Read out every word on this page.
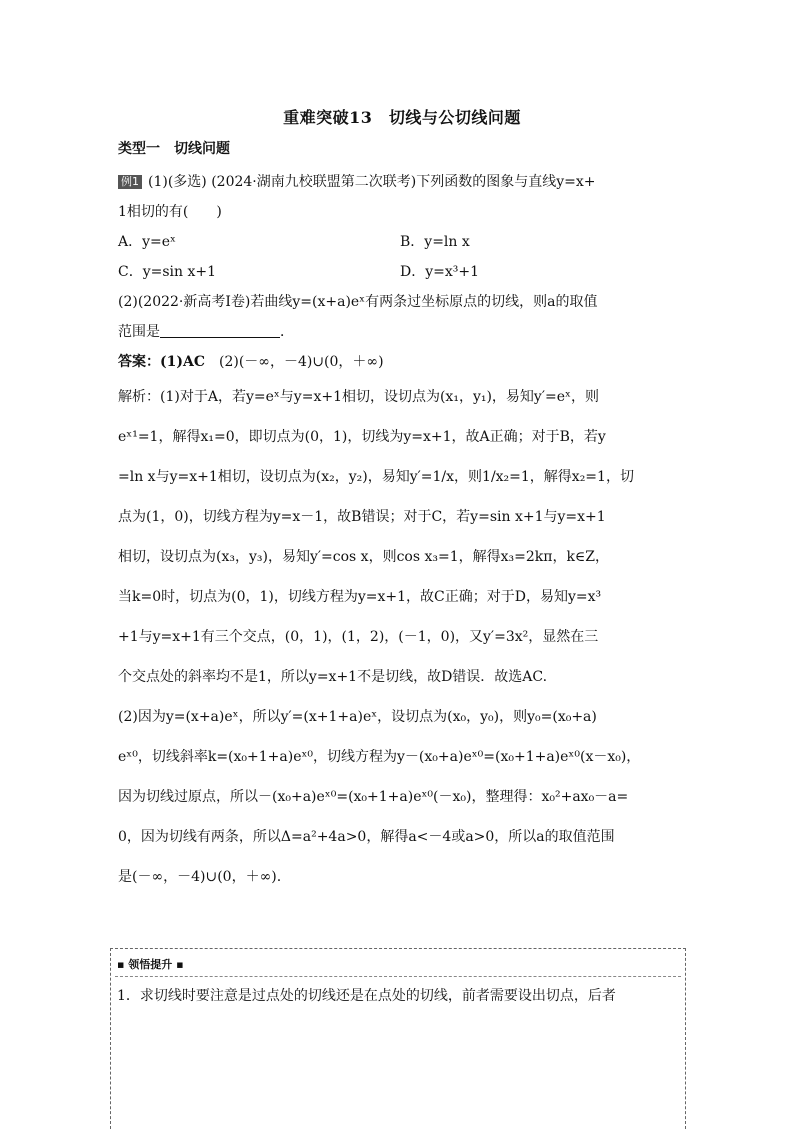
重难突破13　切线与公切线问题
类型一　切线问题

例1 (1)(多选) (2024·湖南九校联盟第二次联考)下列函数的图象与直线y=x+

1相切的有(　　)

A．y=eˣ	B．y=ln x
C．y=sin x+1	D．y=x³+1

(2)(2022·新高考Ⅰ卷)若曲线y=(x+a)eˣ有两条过坐标原点的切线，则a的取值

范围是	．

答案：(1)AC　(2)(－∞，－4)∪(0，＋∞)

解析：(1)对于A，若y=eˣ与y=x+1相切，设切点为(x₁，y₁)，易知y′=eˣ，则

eˣ¹=1，解得x₁=0，即切点为(0，1)，切线为y=x+1，故A正确；对于B，若y

=ln x与y=x+1相切，设切点为(x₂，y₂)，易知y′=1/x，则1/x₂=1，解得x₂=1，切

点为(1，0)，切线方程为y=x－1，故B错误；对于C，若y=sin x+1与y=x+1

相切，设切点为(x₃，y₃)，易知y′=cos x，则cos x₃=1，解得x₃=2kπ，k∈Z，

当k=0时，切点为(0，1)，切线方程为y=x+1，故C正确；对于D，易知y=x³

+1与y=x+1有三个交点，(0，1)，(1，2)，(－1，0)，又y′=3x²，显然在三

个交点处的斜率均不是1，所以y=x+1不是切线，故D错误．故选AC.

(2)因为y=(x+a)eˣ，所以y′=(x+1+a)eˣ，设切点为(x₀，y₀)，则y₀=(x₀+a)

eˣ⁰，切线斜率k=(x₀+1+a)eˣ⁰，切线方程为y－(x₀+a)eˣ⁰=(x₀+1+a)eˣ⁰(x－x₀)，

因为切线过原点，所以－(x₀+a)eˣ⁰=(x₀+1+a)eˣ⁰(－x₀)，整理得：x₀²+ax₀－a=

0，因为切线有两条，所以Δ=a²+4a>0，解得a<－4或a>0，所以a的取值范围

是(－∞，－4)∪(0，＋∞).

▪ 领悟提升 ▪
1．求切线时要注意是过点处的切线还是在点处的切线，前者需要设出切点，后者
